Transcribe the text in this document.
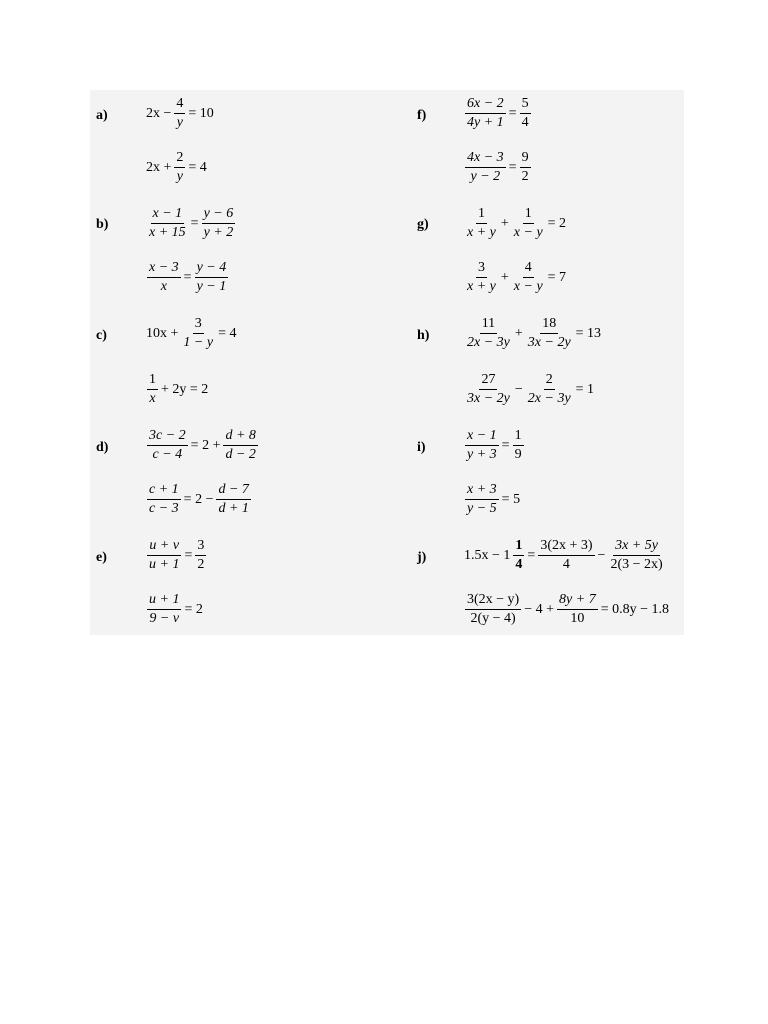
a)	$2x - \frac{4}{y} = 10$
$2x + \frac{2}{y} = 4$
b)	$\frac{x - 1}{x + 15} = \frac{y - 6}{y + 2}$
$\frac{x - 3}{x} = \frac{y - 4}{y - 1}$
c)	$10x + \frac{3}{1 - y} = 4$
$\frac{1}{x} + 2y = 2$
d)	$\frac{3c - 2}{c - 4} = 2 + \frac{d + 8}{d - 2}$
$\frac{c + 1}{c - 3} = 2 - \frac{d - 7}{d + 1}$
e)	$\frac{u + v}{u + 1} = \frac{3}{2}$
$\frac{u + 1}{9 - v} = 2$
f)	$\frac{6x - 2}{4y + 1} = \frac{5}{4}$
$\frac{4x - 3}{y - 2} = \frac{9}{2}$
g)	$\frac{1}{x + y} + \frac{1}{x - y} = 2$
$\frac{3}{x + y} + \frac{4}{x - y} = 7$
h)	$\frac{11}{2x - 3y} + \frac{18}{3x - 2y} = 13$
$\frac{27}{3x - 2y} - \frac{2}{2x - 3y} = 1$
i)	$\frac{x - 1}{y + 3} = \frac{1}{9}$
$\frac{x + 3}{y - 5} = 5$
j)	$1.5x - 1 \frac{1}{4} = \frac{3(2x + 3)}{4} - \frac{3x + 5y}{2(3 - 2x)}$
$\frac{3(2x - y)}{2(y - 4)} - 4 + \frac{8y + 7}{10} = 0.8y - 1.8$
